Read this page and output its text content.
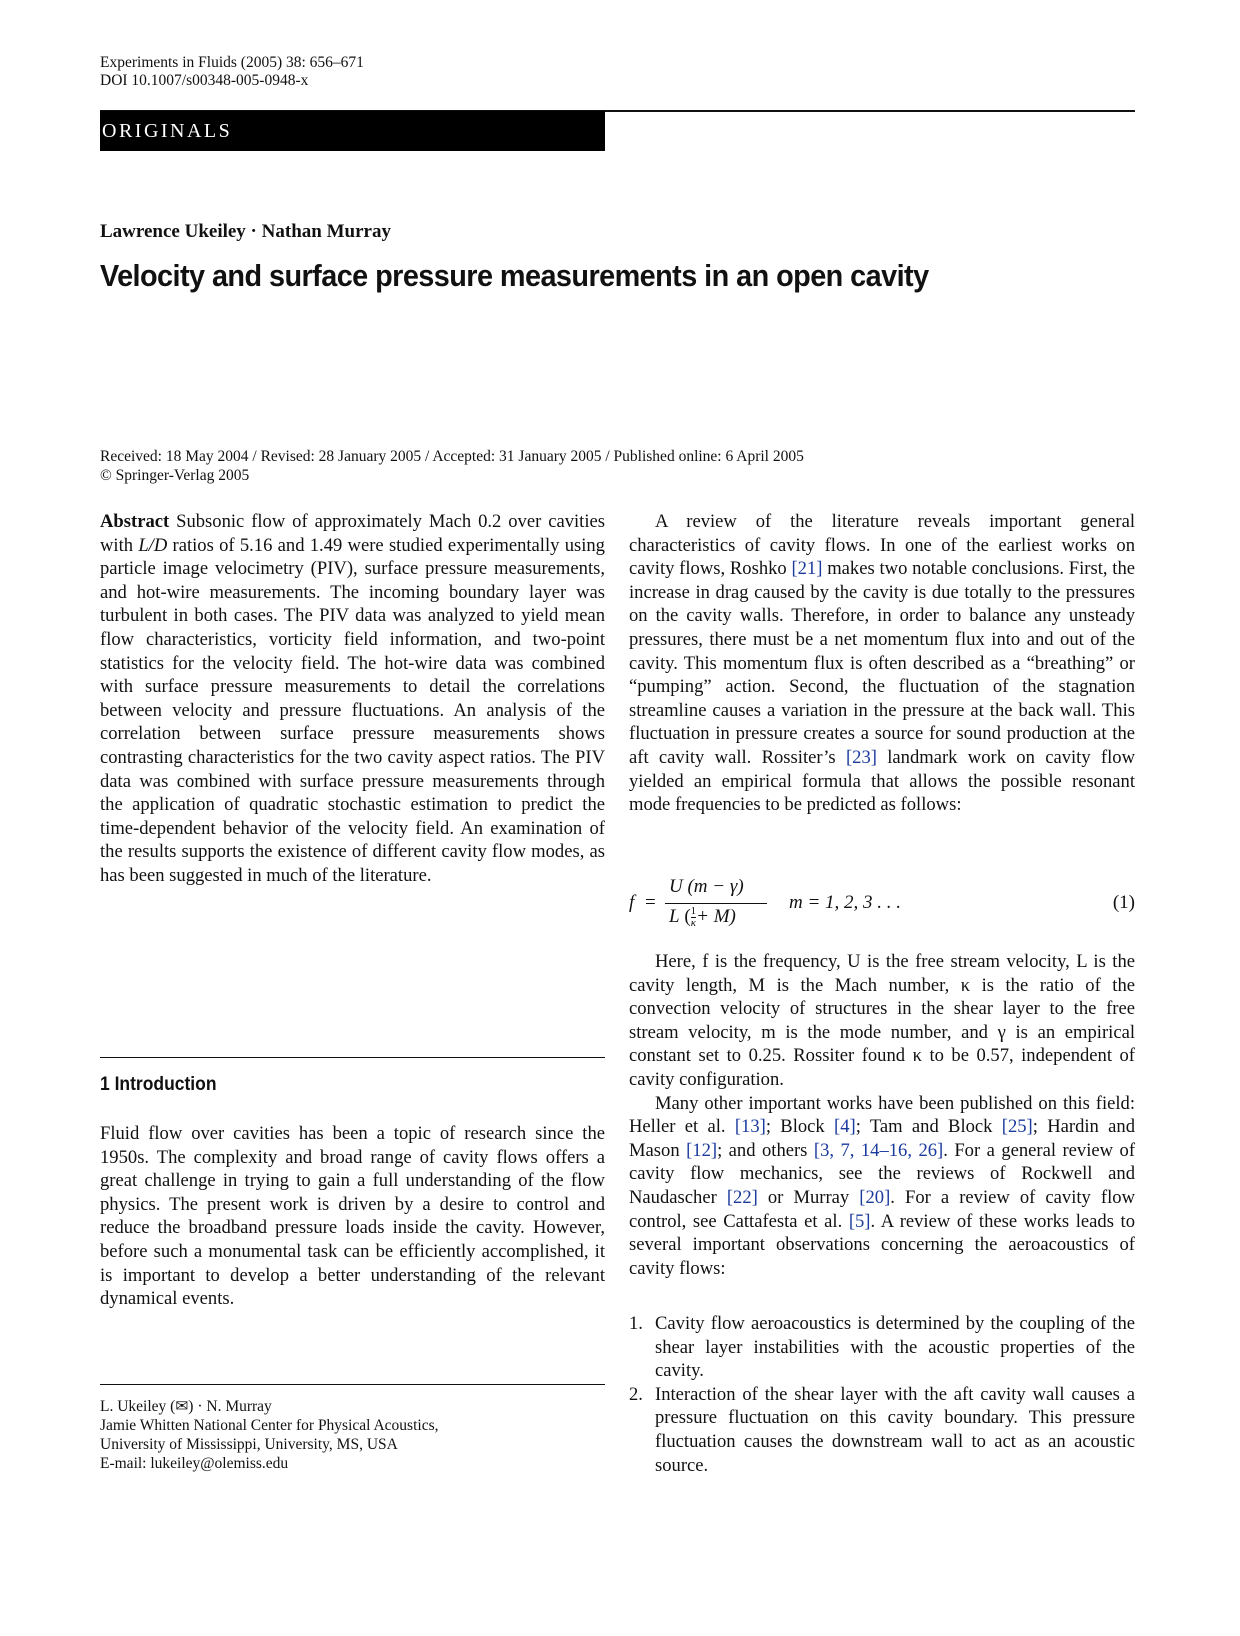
Experiments in Fluids (2005) 38: 656–671
DOI 10.1007/s00348-005-0948-x
ORIGINALS
Lawrence Ukeiley · Nathan Murray
Velocity and surface pressure measurements in an open cavity
Received: 18 May 2004 / Revised: 28 January 2005 / Accepted: 31 January 2005 / Published online: 6 April 2005
© Springer-Verlag 2005

Abstract Subsonic flow of approximately Mach 0.2 over cavities with L/D ratios of 5.16 and 1.49 were studied experimentally using particle image velocimetry (PIV), surface pressure measurements, and hot-wire measurements. The incoming boundary layer was turbulent in both cases. The PIV data was analyzed to yield mean flow characteristics, vorticity field information, and two-point statistics for the velocity field. The hot-wire data was combined with surface pressure measurements to detail the correlations between velocity and pressure fluctuations. An analysis of the correlation between surface pressure measurements shows contrasting characteristics for the two cavity aspect ratios. The PIV data was combined with surface pressure measurements through the application of quadratic stochastic estimation to predict the time-dependent behavior of the velocity field. An examination of the results supports the existence of different cavity flow modes, as has been suggested in much of the literature.

1 Introduction

Fluid flow over cavities has been a topic of research since the 1950s. The complexity and broad range of cavity flows offers a great challenge in trying to gain a full understanding of the flow physics. The present work is driven by a desire to control and reduce the broadband pressure loads inside the cavity. However, before such a monumental task can be efficiently accomplished, it is important to develop a better understanding of the relevant dynamical events.

L. Ukeiley (✉) · N. Murray
Jamie Whitten National Center for Physical Acoustics,
University of Mississippi, University, MS, USA
E-mail: lukeiley@olemiss.edu

A review of the literature reveals important general characteristics of cavity flows. In one of the earliest works on cavity flows, Roshko [21] makes two notable conclusions. First, the increase in drag caused by the cavity is due totally to the pressures on the cavity walls. Therefore, in order to balance any unsteady pressures, there must be a net momentum flux into and out of the cavity. This momentum flux is often described as a “breathing” or “pumping” action. Second, the fluctuation of the stagnation streamline causes a variation in the pressure at the back wall. This fluctuation in pressure creates a source for sound production at the aft cavity wall. Rossiter’s [23] landmark work on cavity flow yielded an empirical formula that allows the possible resonant mode frequencies to be predicted as follows:

f =
U (m − γ)
L ( $\frac{1}{\kappa} + M$)
m = 1, 2, 3 . . .	(1)

Here, f is the frequency, U is the free stream velocity, L is the cavity length, M is the Mach number, κ is the ratio of the convection velocity of structures in the shear layer to the free stream velocity, m is the mode number, and γ is an empirical constant set to 0.25. Rossiter found κ to be 0.57, independent of cavity configuration.

Many other important works have been published on this field: Heller et al. [13]; Block [4]; Tam and Block [25]; Hardin and Mason [12]; and others [3, 7, 14–16, 26]. For a general review of cavity flow mechanics, see the reviews of Rockwell and Naudascher [22] or Murray [20]. For a review of cavity flow control, see Cattafesta et al. [5]. A review of these works leads to several important observations concerning the aeroacoustics of cavity flows:

1. Cavity flow aeroacoustics is determined by the coupling of the shear layer instabilities with the acoustic properties of the cavity.
2. Interaction of the shear layer with the aft cavity wall causes a pressure fluctuation on this cavity boundary. This pressure fluctuation causes the downstream wall to act as an acoustic source.
